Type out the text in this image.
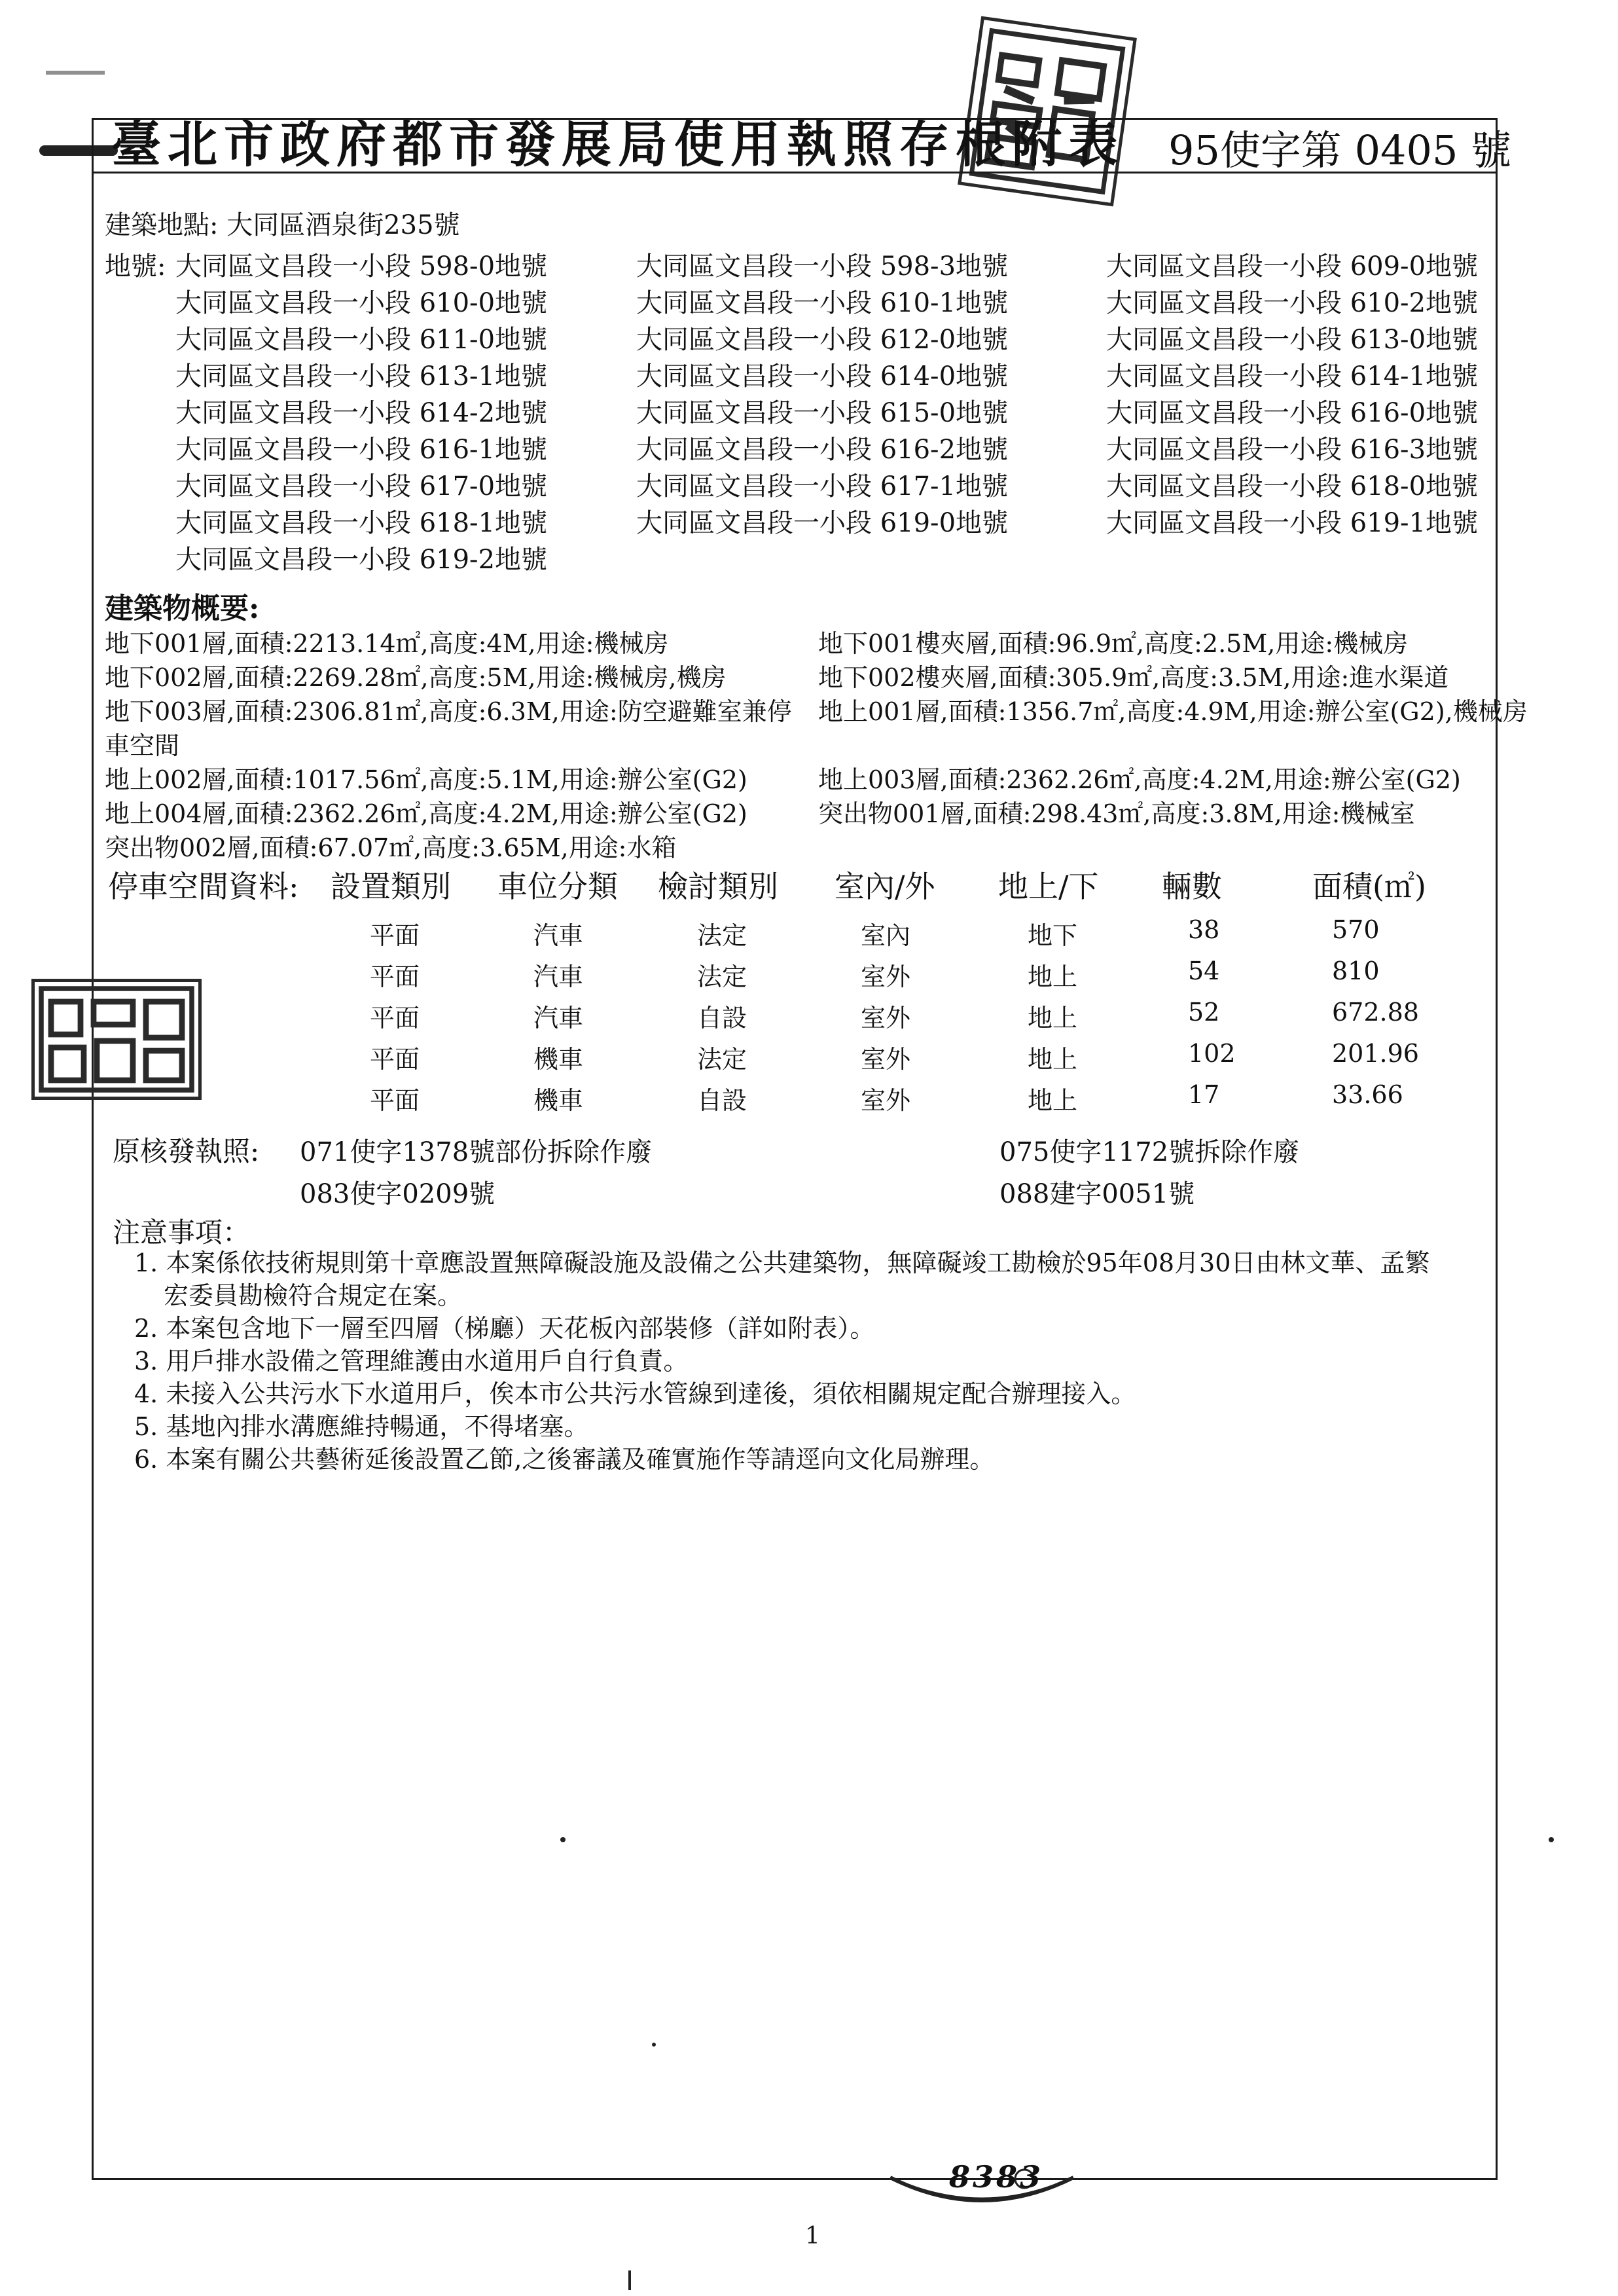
臺北市政府都市發展局使用執照存根附表 95使字第 0405 號
建築地點: 大同區酒泉街235號
地號: 大同區文昌段一小段 598-0地號	大同區文昌段一小段 598-3地號	大同區文昌段一小段 609-0地號
大同區文昌段一小段 610-0地號	大同區文昌段一小段 610-1地號	大同區文昌段一小段 610-2地號
大同區文昌段一小段 611-0地號	大同區文昌段一小段 612-0地號	大同區文昌段一小段 613-0地號
大同區文昌段一小段 613-1地號	大同區文昌段一小段 614-0地號	大同區文昌段一小段 614-1地號
大同區文昌段一小段 614-2地號	大同區文昌段一小段 615-0地號	大同區文昌段一小段 616-0地號
大同區文昌段一小段 616-1地號	大同區文昌段一小段 616-2地號	大同區文昌段一小段 616-3地號
大同區文昌段一小段 617-0地號	大同區文昌段一小段 617-1地號	大同區文昌段一小段 618-0地號
大同區文昌段一小段 618-1地號	大同區文昌段一小段 619-0地號	大同區文昌段一小段 619-1地號
大同區文昌段一小段 619-2地號
建築物概要:
地下001層,面積:2213.14㎡,高度:4M,用途:機械房
地下002層,面積:2269.28㎡,高度:5M,用途:機械房,機房
地下003層,面積:2306.81㎡,高度:6.3M,用途:防空避難室兼停
車空間
地上002層,面積:1017.56㎡,高度:5.1M,用途:辦公室(G2)
地上004層,面積:2362.26㎡,高度:4.2M,用途:辦公室(G2)
突出物002層,面積:67.07㎡,高度:3.65M,用途:水箱
地下001樓夾層,面積:96.9㎡,高度:2.5M,用途:機械房
地下002樓夾層,面積:305.9㎡,高度:3.5M,用途:進水渠道
地上001層,面積:1356.7㎡,高度:4.9M,用途:辦公室(G2),機械房
地上003層,面積:2362.26㎡,高度:4.2M,用途:辦公室(G2)
突出物001層,面積:298.43㎡,高度:3.8M,用途:機械室
停車空間資料: 設置類別 車位分類 檢討類別 室內/外 地上/下 輛數	面積(㎡)
平面	汽車	法定	室內	地下	38	570
平面	汽車	法定	室外	地上	54	810
平面	汽車	自設	室外	地上	52	672.88
平面	機車	法定	室外	地上	102	201.96
平面	機車	自設	室外	地上	17	33.66
原核發執照: 071使字1378號部份拆除作廢	075使字1172號拆除作廢
083使字0209號	088建字0051號
注意事項：
1. 本案係依技術規則第十章應設置無障礙設施及設備之公共建築物，無障礙竣工勘檢於95年08月30日由林文華、孟繁
宏委員勘檢符合規定在案。
2. 本案包含地下一層至四層（梯廳）天花板內部裝修（詳如附表）。
3. 用戶排水設備之管理維護由水道用戶自行負責。
4. 未接入公共污水下水道用戶，俟本市公共污水管線到達後，須依相關規定配合辦理接入。
5. 基地內排水溝應維持暢通，不得堵塞。
6. 本案有關公共藝術延後設置乙節,之後審議及確實施作等請逕向文化局辦理。
8383
1
